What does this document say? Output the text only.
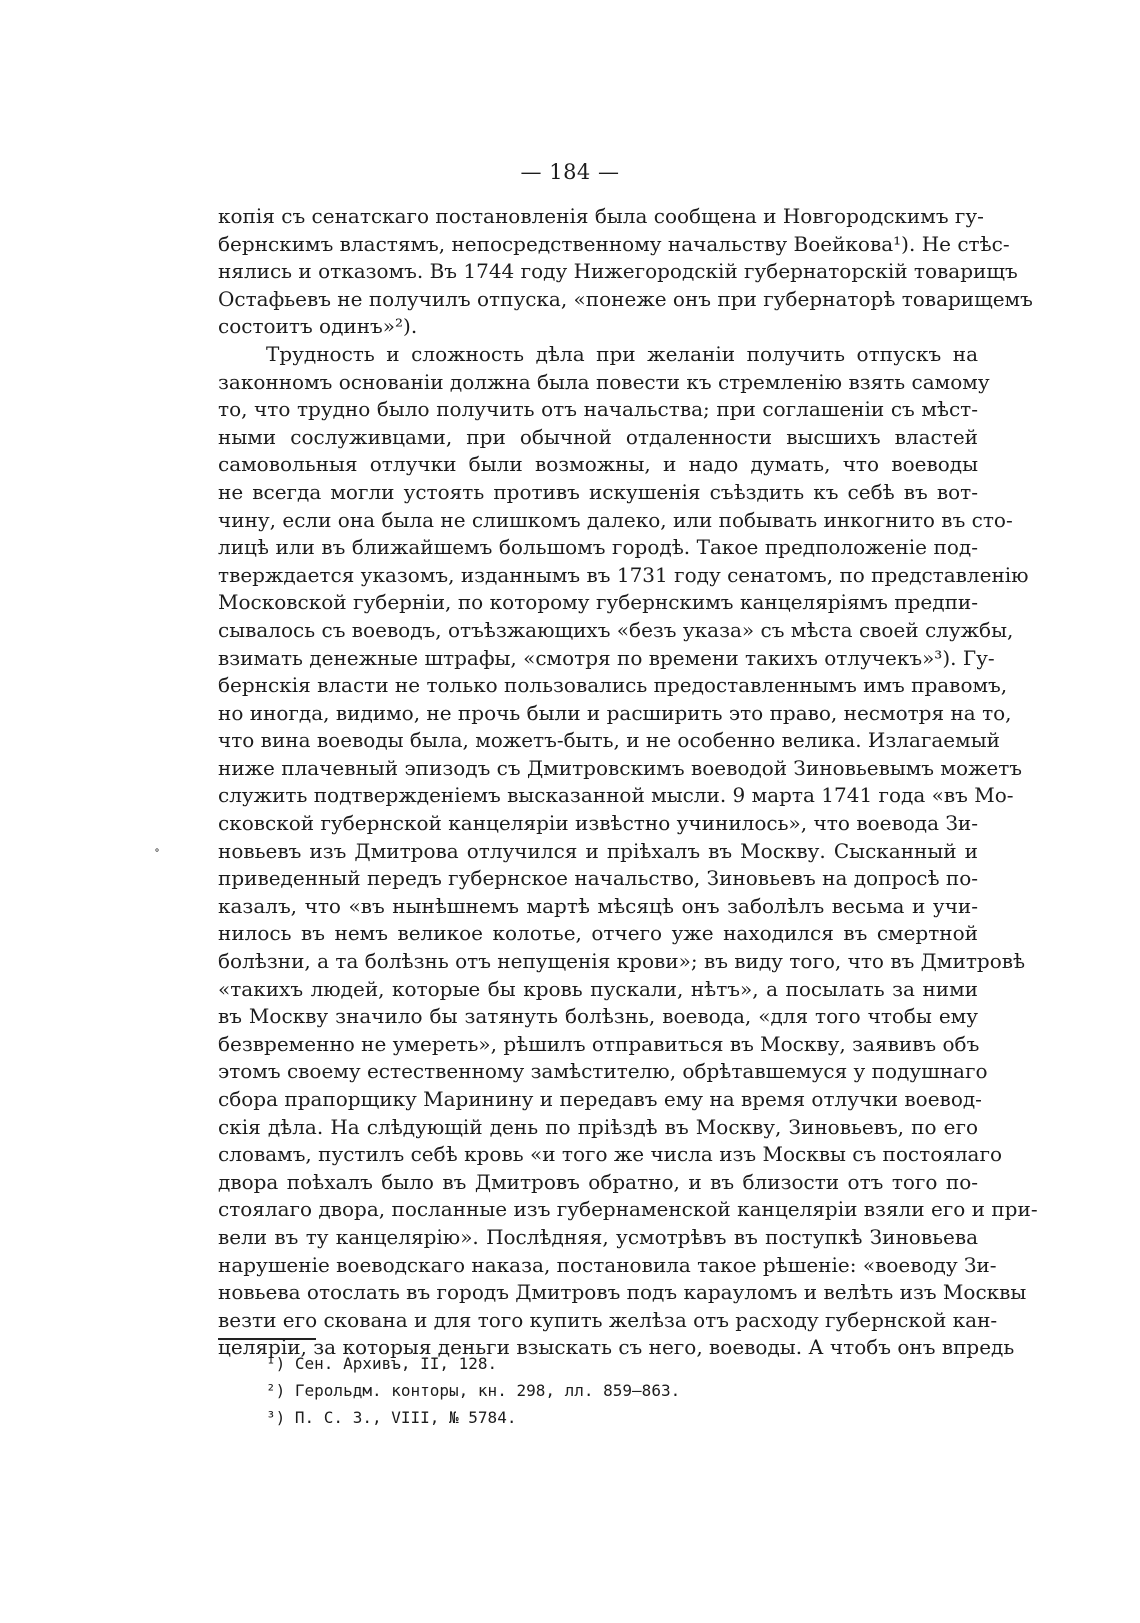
— 184 —
˚
копія съ сенатскаго постановленія была сообщена и Новгородскимъ гу-
бернскимъ властямъ, непосредственному начальству Воейкова¹). Не стѣс-
нялись и отказомъ. Въ 1744 году Нижегородскій губернаторскій товарищъ
Остафьевъ не получилъ отпуска, «понеже онъ при губернаторѣ товарищемъ
состоитъ одинъ»²).
Трудность и сложность дѣла при желаніи получить отпускъ на
законномъ основаніи должна была повести къ стремленію взять самому
то, что трудно было получить отъ начальства; при соглашеніи съ мѣст-
ными сослуживцами, при обычной отдаленности высшихъ властей
самовольныя отлучки были возможны, и надо думать, что воеводы
не всегда могли устоять противъ искушенія съѣздить къ себѣ въ вот-
чину, если она была не слишкомъ далеко, или побывать инкогнито въ сто-
лицѣ или въ ближайшемъ большомъ городѣ. Такое предположеніе под-
тверждается указомъ, изданнымъ въ 1731 году сенатомъ, по представленію
Московской губерніи, по которому губернскимъ канцеляріямъ предпи-
сывалось съ воеводъ, отъѣзжающихъ «безъ указа» съ мѣста своей службы,
взимать денежные штрафы, «смотря по времени такихъ отлучекъ»³). Гу-
бернскія власти не только пользовались предоставленнымъ имъ правомъ,
но иногда, видимо, не прочь были и расширить это право, несмотря на то,
что вина воеводы была, можетъ-быть, и не особенно велика. Излагаемый
ниже плачевный эпизодъ съ Дмитровскимъ воеводой Зиновьевымъ можетъ
служить подтвержденіемъ высказанной мысли. 9 марта 1741 года «въ Мо-
сковской губернской канцеляріи извѣстно учинилось», что воевода Зи-
новьевъ изъ Дмитрова отлучился и пріѣхалъ въ Москву. Сысканный и
приведенный передъ губернское начальство, Зиновьевъ на допросѣ по-
казалъ, что «въ нынѣшнемъ мартѣ мѣсяцѣ онъ заболѣлъ весьма и учи-
нилось въ немъ великое колотье, отчего уже находился въ смертной
болѣзни, а та болѣзнь отъ непущенія крови»; въ виду того, что въ Дмитровѣ
«такихъ людей, которые бы кровь пускали, нѣтъ», а посылать за ними
въ Москву значило бы затянуть болѣзнь, воевода, «для того чтобы ему
безвременно не умереть», рѣшилъ отправиться въ Москву, заявивъ объ
этомъ своему естественному замѣстителю, обрѣтавшемуся у подушнаго
сбора прапорщику Маринину и передавъ ему на время отлучки воевод-
скія дѣла. На слѣдующій день по пріѣздѣ въ Москву, Зиновьевъ, по его
словамъ, пустилъ себѣ кровь «и того же числа изъ Москвы съ постоялаго
двора поѣхалъ было въ Дмитровъ обратно, и въ близости отъ того по-
стоялаго двора, посланные изъ губернаменской канцеляріи взяли его и при-
вели въ ту канцелярію». Послѣдняя, усмотрѣвъ въ поступкѣ Зиновьева
нарушеніе воеводскаго наказа, постановила такое рѣшеніе: «воеводу Зи-
новьева отослать въ городъ Дмитровъ подъ карауломъ и велѣть изъ Москвы
везти его скована и для того купить желѣза отъ расходу губернской кан-
целяріи, за которыя деньги взыскать съ него, воеводы. А чтобъ онъ впредь
¹) Сен. Архивъ, II, 128.
²) Герольдм. конторы, кн. 298, лл. 859—863.
³) П. С. З., VIII, № 5784.
